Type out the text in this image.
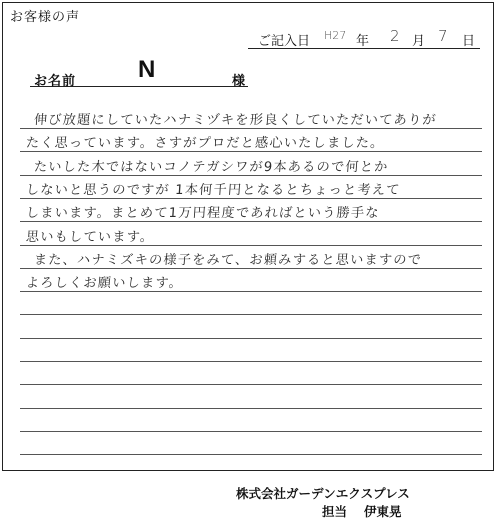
お客様の声
ご記入日 H27 年 2 月 7 日
お名前	N	様
伸び放題にしていたハナミヅキを形良くしていただいてありが
たく思っています。さすがプロだと感心いたしました。
たいした木ではないコノテガシワが9本あるので何とか
しないと思うのですが 1本何千円となるとちょっと考えて
しまいます。まとめて1万円程度であればという勝手な
思いもしています。
また、ハナミズキの様子をみて、お頼みすると思いますので
よろしくお願いします。
株式会社ガーデンエクスプレス
担当 伊東晃
